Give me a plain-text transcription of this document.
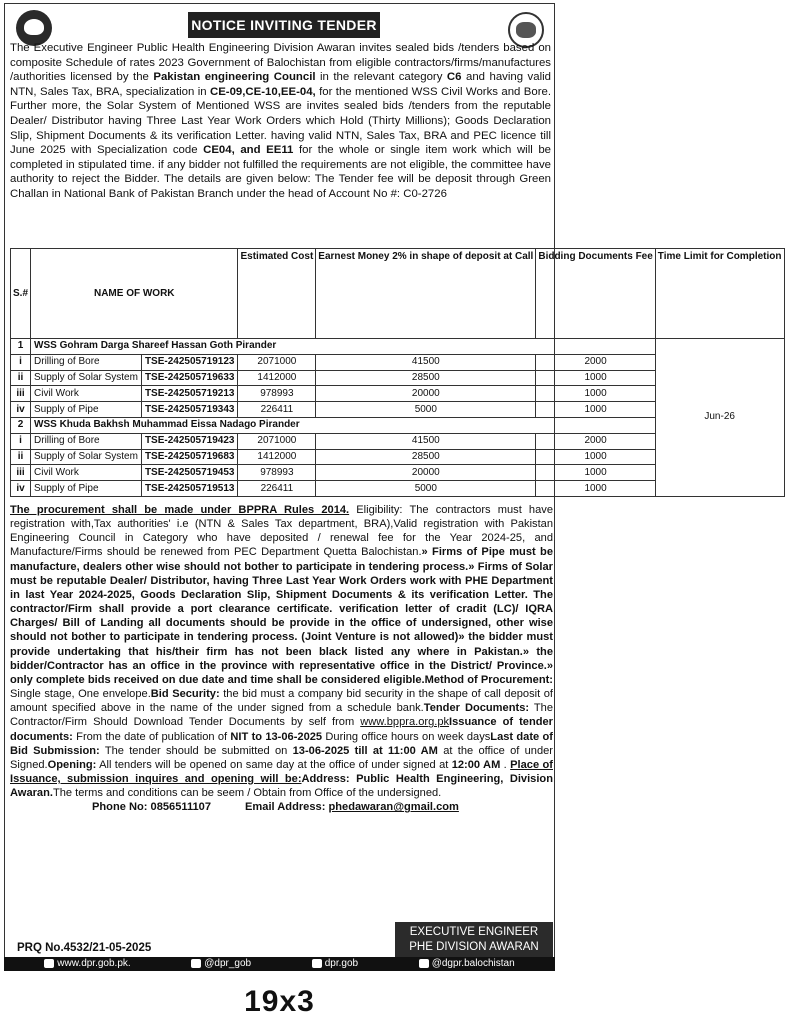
NOTICE INVITING TENDER
The Executive Engineer Public Health Engineering Division Awaran invites sealed bids /tenders based on composite Schedule of rates 2023 Government of Balochistan from eligible contractors/firms/manufactures /authorities licensed by the Pakistan engineering Council in the relevant category C6 and having valid NTN, Sales Tax, BRA, specialization in CE-09,CE-10,EE-04, for the mentioned WSS Civil Works and Bore. Further more, the Solar System of Mentioned WSS are invites sealed bids /tenders from the reputable Dealer/ Distributor having Three Last Year Work Orders which Hold (Thirty Millions); Goods Declaration Slip, Shipment Documents & its verification Letter. having valid NTN, Sales Tax, BRA and PEC licence till June 2025 with Specialization code CE04, and EE11 for the whole or single item work which will be completed in stipulated time. if any bidder not fulfilled the requirements are not eligible, the committee have authority to reject the Bidder. The details are given below: The Tender fee will be deposit through Green Challan in National Bank of Pakistan Branch under the head of Account No #: C0-2726
S.#	NAME OF WORK		Estimated Cost	Earnest Money 2% in shape of deposit at Call	Bidding Documents Fee	Time Limit for Completion
1	WSS Gohram Darga Shareef Hassan Goth Pirander					Jun-26
i	Drilling of Bore	TSE-242505719123	2071000	41500	2000	
ii	Supply of Solar System	TSE-242505719633	1412000	28500	1000	
iii	Civil Work	TSE-242505719213	978993	20000	1000	
iv	Supply of Pipe	TSE-242505719343	226411	5000	1000	
2	WSS Khuda Bakhsh Muhammad Eissa Nadago Pirander					
i	Drilling of Bore	TSE-242505719423	2071000	41500	2000	
ii	Supply of Solar System	TSE-242505719683	1412000	28500	1000	
iii	Civil Work	TSE-242505719453	978993	20000	1000	
iv	Supply of Pipe	TSE-242505719513	226411	5000	1000	
The procurement shall be made under BPPRA Rules 2014. Eligibility: The contractors must have registration with,Tax authorities' i.e (NTN & Sales Tax department, BRA),Valid registration with Pakistan Engineering Council in Category who have deposited / renewal fee for the Year 2024-25, and Manufacture/Firms should be renewed from PEC Department Quetta Balochistan.» Firms of Pipe must be manufacture, dealers other wise should not bother to participate in tendering process.» Firms of Solar must be reputable Dealer/ Distributor, having Three Last Year Work Orders work with PHE Department in last Year 2024-2025, Goods Declaration Slip, Shipment Documents & its verification Letter. The contractor/Firm shall provide a port clearance certificate. verification letter of cradit (LC)/ IQRA Charges/ Bill of Landing all documents should be provide in the office of undersigned, other wise should not bother to participate in tendering process. (Joint Venture is not allowed)» the bidder must provide undertaking that his/their firm has not been black listed any where in Pakistan.» the bidder/Contractor has an office in the province with representative office in the District/ Province.» only complete bids received on due date and time shall be considered eligible.Method of Procurement: Single stage, One envelope.Bid Security: the bid must a company bid security in the shape of call deposit of amount specified above in the name of the under signed from a schedule bank.Tender Documents: The Contractor/Firm Should Download Tender Documents by self from www.bppra.org.pkIssuance of tender documents: From the date of publication of NIT to 13-06-2025 During office hours on week daysLast date of Bid Submission: The tender should be submitted on 13-06-2025 till at 11:00 AM at the office of under Signed.Opening: All tenders will be opened on same day at the office of under signed at 12:00 AM . Place of Issuance, submission inquires and opening will be:Address: Public Health Engineering, Division Awaran.The terms and conditions can be seem / Obtain from Office of the undersigned.
Phone No: 0856511107	Email Address: phedawaran@gmail.com
EXECUTIVE ENGINEER
PHE DIVISION AWARAN
PRQ No.4532/21-05-2025
www.dpr.gob.pk.	@dpr_gob	dpr.gob	@dgpr.balochistan
19x3
